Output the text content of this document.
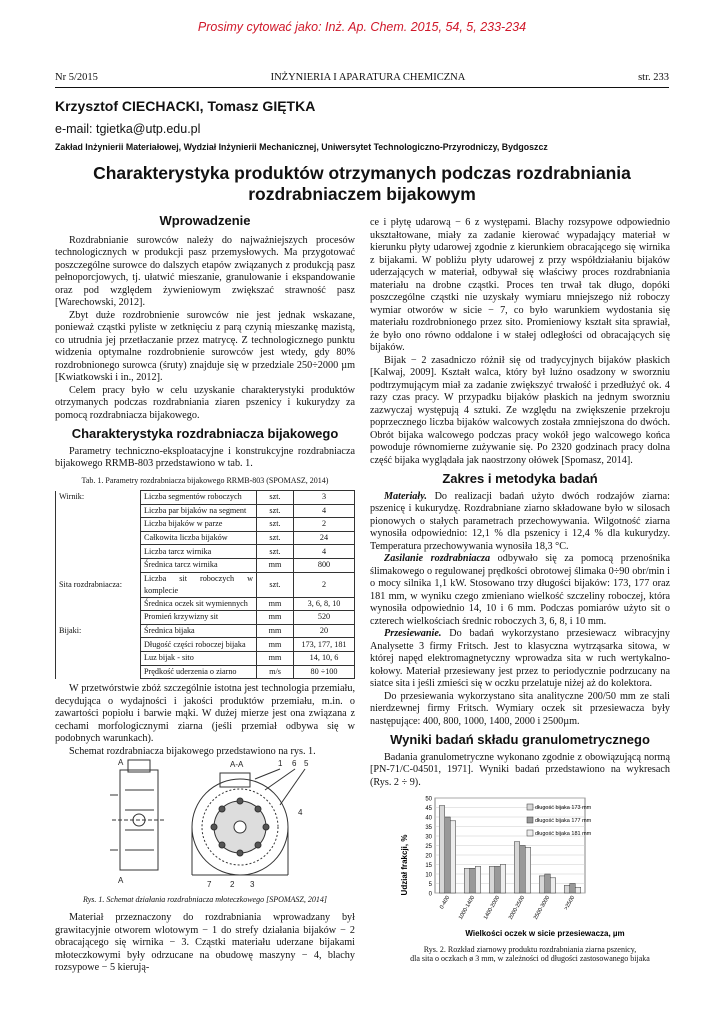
Prosimy cytować jako: Inż. Ap. Chem. 2015, 54, 5, 233-234
Nr 5/2015	INŻYNIERIA I APARATURA CHEMICZNA	str. 233
Krzysztof CIECHACKI, Tomasz GIĘTKA
e-mail: tgietka@utp.edu.pl
Zakład Inżynierii Materiałowej, Wydział Inżynierii Mechanicznej, Uniwersytet Technologiczno-Przyrodniczy, Bydgoszcz
Charakterystyka produktów otrzymanych podczas rozdrabniania rozdrabniaczem bijakowym
Wprowadzenie

Rozdrabnianie surowców należy do najważniejszych procesów technologicznych w produkcji pasz przemysłowych. Ma przygotować poszczególne surowce do dalszych etapów związanych z produkcją pasz pełnoporcjowych, tj. ułatwić mieszanie, granulowanie i ekspandowanie oraz pod względem żywieniowym zwiększać strawność pasz [Warechowski, 2012].

Zbyt duże rozdrobnienie surowców nie jest jednak wskazane, ponieważ cząstki pyliste w zetknięciu z parą czynią mieszankę mazistą, co utrudnia jej przetłaczanie przez matrycę. Z technologicznego punktu widzenia optymalne rozdrobnienie surowców jest wtedy, gdy 80% rozdrobnionego surowca (śruty) znajduje się w przedziale 250÷2000 µm [Kwiatkowski i in., 2012].

Celem pracy było w celu uzyskanie charakterystyki produktów otrzymanych podczas rozdrabniania ziaren pszenicy i kukurydzy za pomocą rozdrabniacza bijakowego.

Charakterystyka rozdrabniacza bijakowego

Parametry techniczno-eksploatacyjne i konstrukcyjne rozdrabniacza bijakowego RRMB-803 przedstawiono w tab. 1.

Tab. 1. Parametry rozdrabniacza bijakowego RRMB-803 (SPOMASZ, 2014)
Wirnik:	Liczba segmentów roboczych	szt.	3
	Liczba par bijaków na segment	szt.	4
	Liczba bijaków w parze	szt.	2
	Całkowita liczba bijaków	szt.	24
	Liczba tarcz wirnika	szt.	4
	Średnica tarcz wirnika	mm	800
Sita rozdrabniacza:	Liczba sit roboczych w komplecie	szt.	2
	Średnica oczek sit wymiennych	mm	3, 6, 8, 10
	Promień krzywizny sit	mm	520
Bijaki:	Średnica bijaka	mm	20
	Długość części roboczej bijaka	mm	173, 177, 181
	Luz bijak - sito	mm	14, 10, 6
	Prędkość uderzenia o ziarno	m/s	80 ÷100

W przetwórstwie zbóż szczególnie istotna jest technologia przemiału, decydująca o wydajności i jakości produktów przemiału, m.in. o zawartości popiołu i barwie mąki. W dużej mierze jest ona związana z cechami morfologicznymi ziarna (jeśli przemiał odbywa się w podobnych warunkach).

Schemat rozdrabniacza bijakowego przedstawiono na rys. 1.

A	A-A	1 6 5
4
7 2 3
A
Rys. 1. Schemat działania rozdrabniacza młoteczkowego [SPOMASZ, 2014]

Materiał przeznaczony do rozdrabniania wprowadzany był grawitacyjnie otworem wlotowym − 1 do strefy działania bijaków − 2 obracającego się wirnika − 3. Cząstki materiału uderzane bijakami młoteczkowymi były odrzucane na obudowę maszyny − 4, blachy rozsypowe − 5 kierują-

ce i płytę udarową − 6 z występami. Blachy rozsypowe odpowiednio ukształtowane, miały za zadanie kierować wypadający materiał w kierunku płyty udarowej zgodnie z kierunkiem obracającego się wirnika z bijakami. W pobliżu płyty udarowej z przy współdziałaniu bijaków uderzających w materiał, odbywał się właściwy proces rozdrabniania materiału na drobne cząstki. Proces ten trwał tak długo, dopóki poszczególne cząstki nie uzyskały wymiaru mniejszego niż roboczy wymiar otworów w sicie − 7, co było warunkiem wydostania się materiału rozdrobnionego przez sito. Promieniowy kształt sita sprawiał, że było ono równo oddalone i w stałej odległości od obracających się bijaków.

Bijak − 2 zasadniczo różnił się od tradycyjnych bijaków płaskich [Kalwaj, 2009]. Kształt walca, który był luźno osadzony w sworzniu podtrzymującym miał za zadanie zwiększyć trwałość i przedłużyć ok. 4 razy czas pracy. W przypadku bijaków płaskich na jednym sworzniu zazwyczaj występują 4 sztuki. Ze względu na zwiększenie przekroju poprzecznego liczba bijaków walcowych została zmniejszona do dwóch. Obrót bijaka walcowego podczas pracy wokół jego walcowego końca powoduje równomierne zużywanie się. Po 2320 godzinach pracy dolna część bijaka wyglądała jak naostrzony ołówek [Spomasz, 2014].

Zakres i metodyka badań

Materiały. Do realizacji badań użyto dwóch rodzajów ziarna: pszenicę i kukurydzę. Rozdrabniane ziarno składowane było w silosach pionowych o stałych parametrach przechowywania. Wilgotność ziarna wynosiła odpowiednio: 12,1 % dla pszenicy i 12,4 % dla kukurydzy. Temperatura przechowywania wynosiła 18,3 °C.

Zasilanie rozdrabniacza odbywało się za pomocą przenośnika ślimakowego o regulowanej prędkości obrotowej ślimaka 0÷90 obr/min i o mocy silnika 1,1 kW. Stosowano trzy długości bijaków: 173, 177 oraz 181 mm, w wyniku czego zmieniano wielkość szczeliny roboczej, która wynosiła odpowiednio 14, 10 i 6 mm. Podczas pomiarów użyto sit o czterech wielkościach średnic roboczych 3, 6, 8, i 10 mm.

Przesiewanie. Do badań wykorzystano przesiewacz wibracyjny Analysette 3 firmy Fritsch. Jest to klasyczna wytrząsarka sitowa, w której napęd elektromagnetyczny wprowadza sita w ruch wertykalno-kołowy. Materiał przesiewany jest przez to periodycznie podrzucany na siatce sita i jeśli zmieści się w oczku przelatuje niżej aż do kolektora.

Do przesiewania wykorzystano sita analityczne 200/50 mm ze stali nierdzewnej firmy Fritsch. Wymiary oczek sit przesiewacza były następujące: 400, 800, 1000, 1400, 2000 i 2500µm.

Wyniki badań składu granulometrycznego

Badania granulometryczne wykonano zgodnie z obowiązującą normą [PN-71/C-04501, 1971]. Wyniki badań przedstawiono na wykresach (Rys. 2 ÷ 9).

Udział frakcji, %
Wielkości oczek w sicie przesiewacza, µm
0
5
10
15
20
25
30
35
40
45
50
0-400 1000-1400 1400-2000 2000-2500 2500-3000 >2500
długość bijaka 173 mm
długość bijaka 177 mm
długość bijaka 181 mm
Rys. 2. Rozkład ziarnowy produktu rozdrabniania ziarna pszenicy,
dla sita o oczkach ø 3 mm, w zależności od długości zastosowanego bijaka
